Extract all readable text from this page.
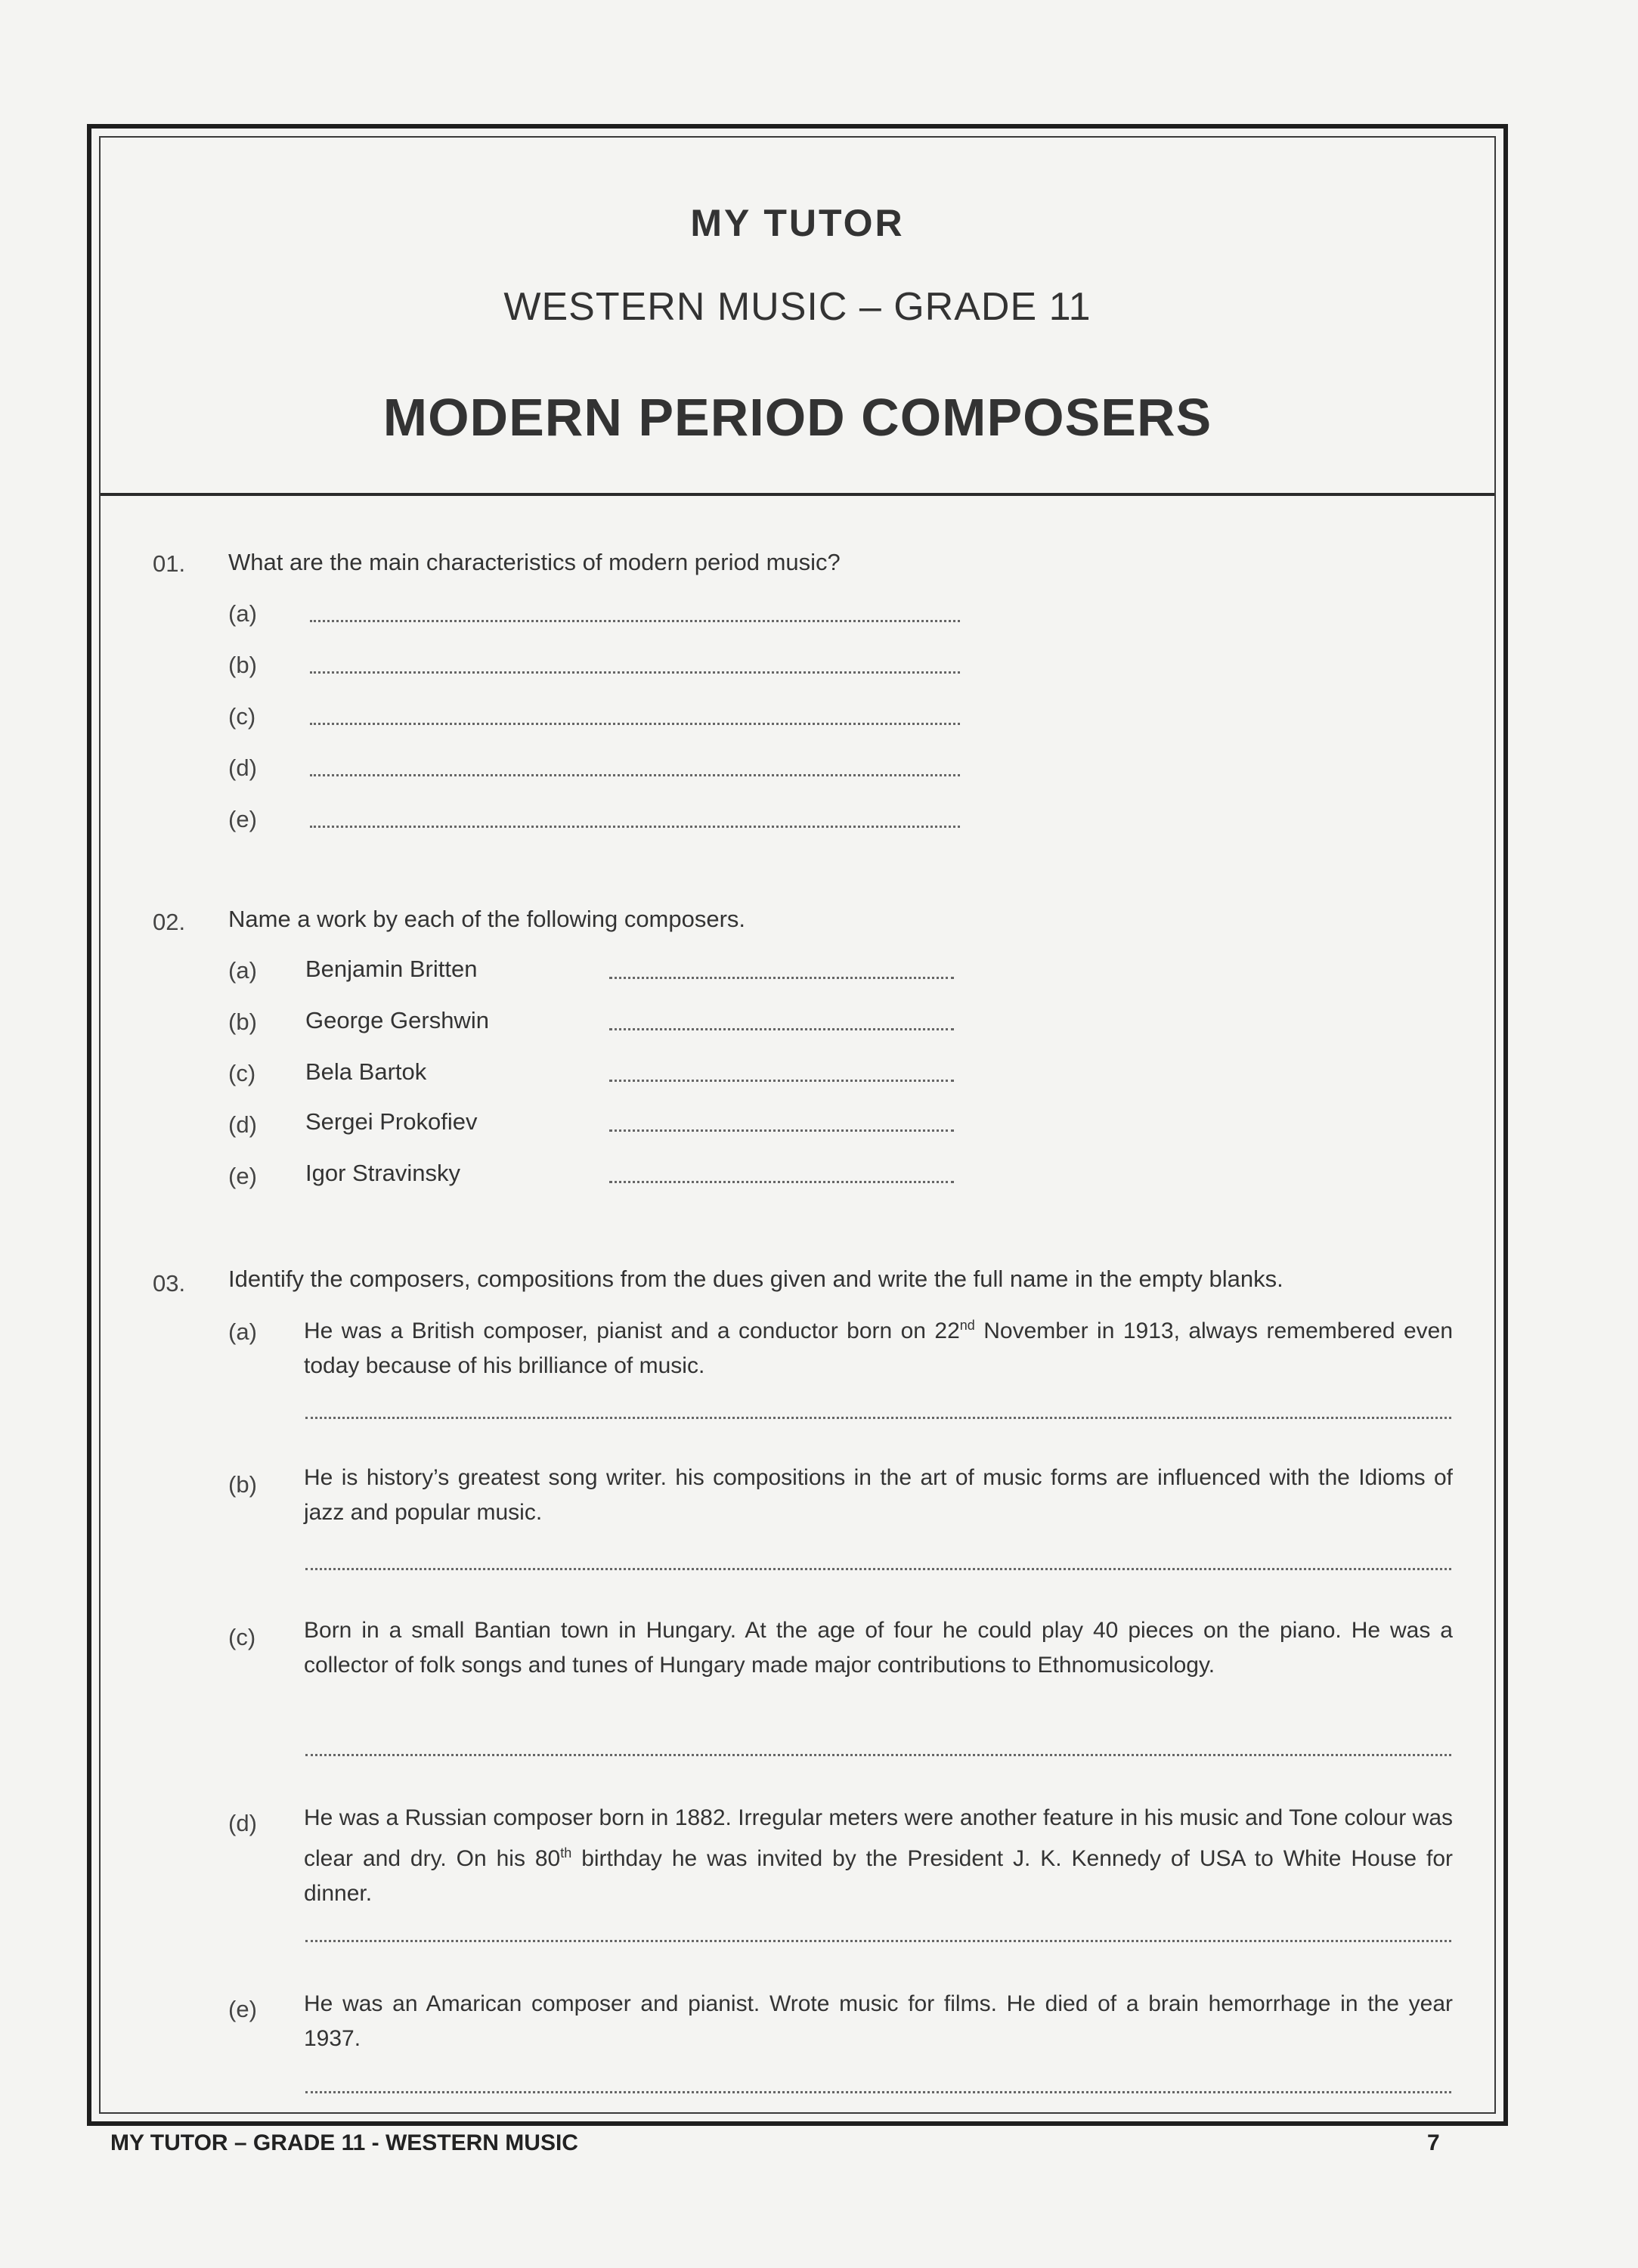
MY TUTOR
WESTERN MUSIC – GRADE 11
MODERN PERIOD COMPOSERS
01. What are the main characteristics of modern period music?
(a)
(b)
(c)
(d)
(e)
02. Name a work by each of the following composers.
(a) Benjamin Britten
(b) George Gershwin
(c) Bela Bartok
(d) Sergei Prokofiev
(e) Igor Stravinsky
03. Identify the composers, compositions from the dues given and write the full name in the empty blanks.
(a) He was a British composer, pianist and a conductor born on 22nd November in 1913, always remembered even today because of his brilliance of music.
(b) He is history’s greatest song writer. his compositions in the art of music forms are influenced with the Idioms of jazz and popular music.
(c) Born in a small Bantian town in Hungary. At the age of four he could play 40 pieces on the piano. He was a collector of folk songs and tunes of Hungary made major contributions to Ethnomusicology.
(d) He was a Russian composer born in 1882. Irregular meters were another feature in his music and Tone colour was clear and dry. On his 80th birthday he was invited by the President J. K. Kennedy of USA to White House for dinner.
(e) He was an Amarican composer and pianist. Wrote music for films. He died of a brain hemorrhage in the year 1937.
MY TUTOR – GRADE 11 - WESTERN MUSIC	7
